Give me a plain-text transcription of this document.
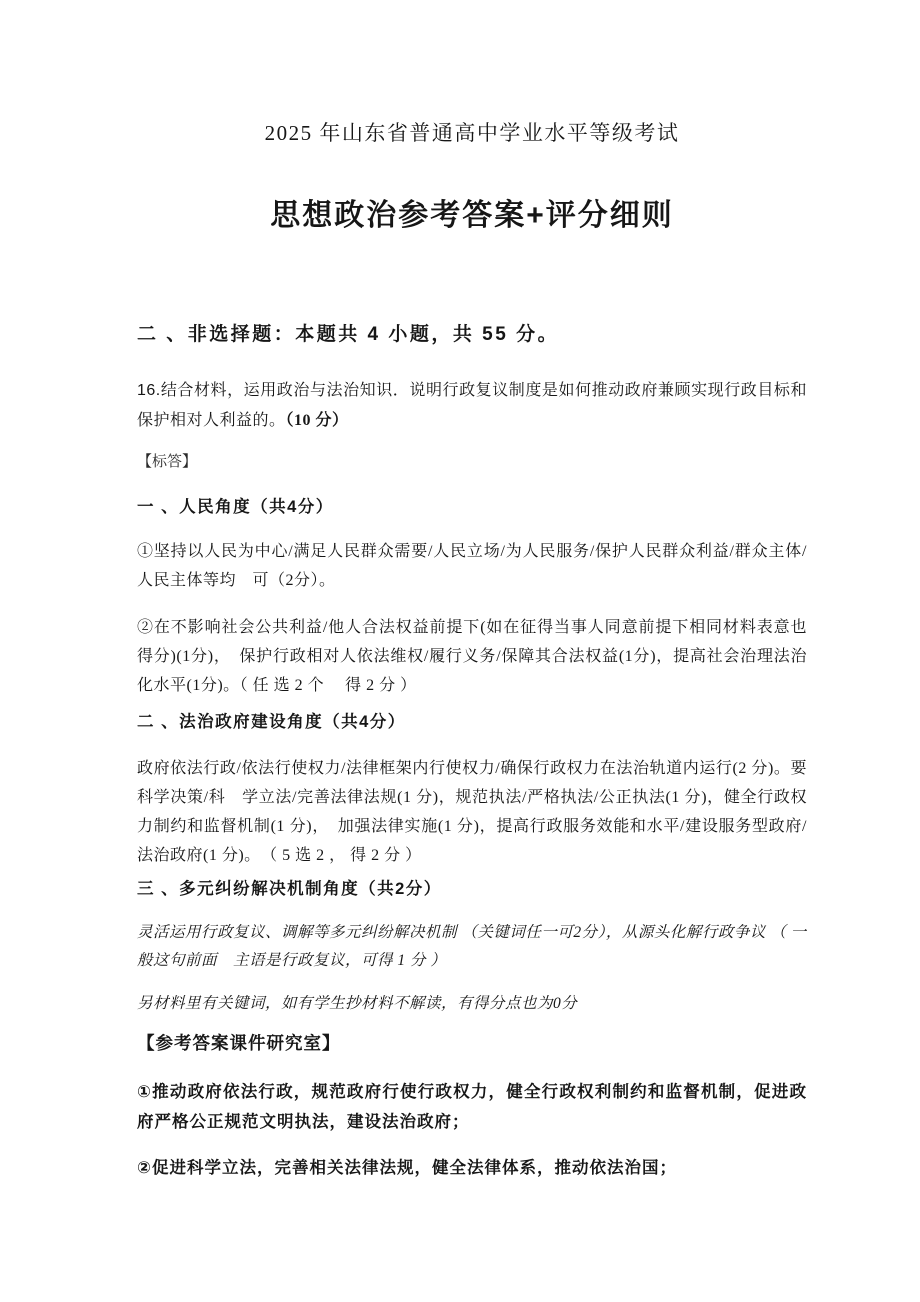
2025 年山东省普通高中学业水平等级考试
思想政治参考答案+评分细则
二 、非选择题：本题共 4 小题，共 55 分。
16.结合材料，运用政治与法治知识．说明行政复议制度是如何推动政府兼顾实现行政目标和保护相对人利益的。（10 分）
【标答】
一 、人民角度（共4分）
①坚持以人民为中心/满足人民群众需要/人民立场/为人民服务/保护人民群众利益/群众主体/人民主体等均　可（2分）。
②在不影响社会公共利益/他人合法权益前提下(如在征得当事人同意前提下相同材料表意也得分)(1分)，　保护行政相对人依法维权/履行义务/保障其合法权益(1分)，提高社会治理法治化水平(1分)。（ 任 选 2 个　 得 2 分 ）
二 、法治政府建设角度（共4分）
政府依法行政/依法行使权力/法律框架内行使权力/确保行政权力在法治轨道内运行(2 分)。要科学决策/科　学立法/完善法律法规(1 分)，规范执法/严格执法/公正执法(1 分)，健全行政权力制约和监督机制(1 分)，　加强法律实施(1 分)，提高行政服务效能和水平/建设服务型政府/法治政府(1 分)。　（ 5 选 2 ， 得 2 分 ）
三 、多元纠纷解决机制角度（共2分）
灵活运用行政复议、调解等多元纠纷解决机制 （关键词任一可2分），从源头化解行政争议 （ 一般这句前面　主语是行政复议，可得 1 分 ）
另材料里有关键词，如有学生抄材料不解读，有得分点也为0分
【参考答案课件研究室】
①推动政府依法行政，规范政府行使行政权力，健全行政权利制约和监督机制，促进政府严格公正规范文明执法，建设法治政府；
②促进科学立法，完善相关法律法规，健全法律体系，推动依法治国；
